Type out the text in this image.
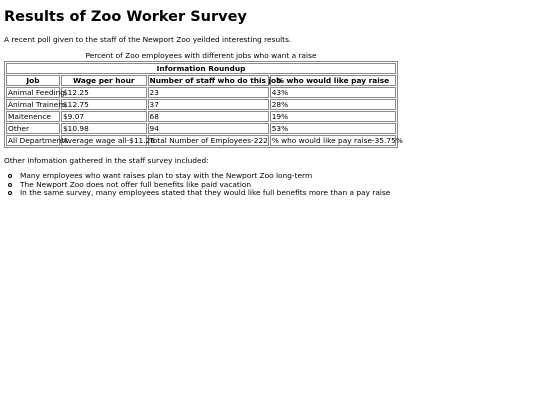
Results of Zoo Worker Survey

A recent poll given to the staff of the Newport Zoo yeilded interesting results.

Percent of Zoo employees with different jobs who want a raise
Information Roundup			
Job	Wage per hour	Number of staff who do this job	% who would like pay raise
Animal Feeding	$12.25	23	43%
Animal Trainers	$12.75	37	28%
Maitenence	$9.07	68	19%
Other	$10.98	94	53%
All Departments	Average wage all-$11.26	Total Number of Employees-222	% who would like pay raise-35.75%

Other infomation gathered in the staff survey included:

Many employees who want raises plan to stay with the Newport Zoo long-term
The Newport Zoo does not offer full benefits like paid vacation
In the same survey, many employees stated that they would like full benefits more than a pay raise
